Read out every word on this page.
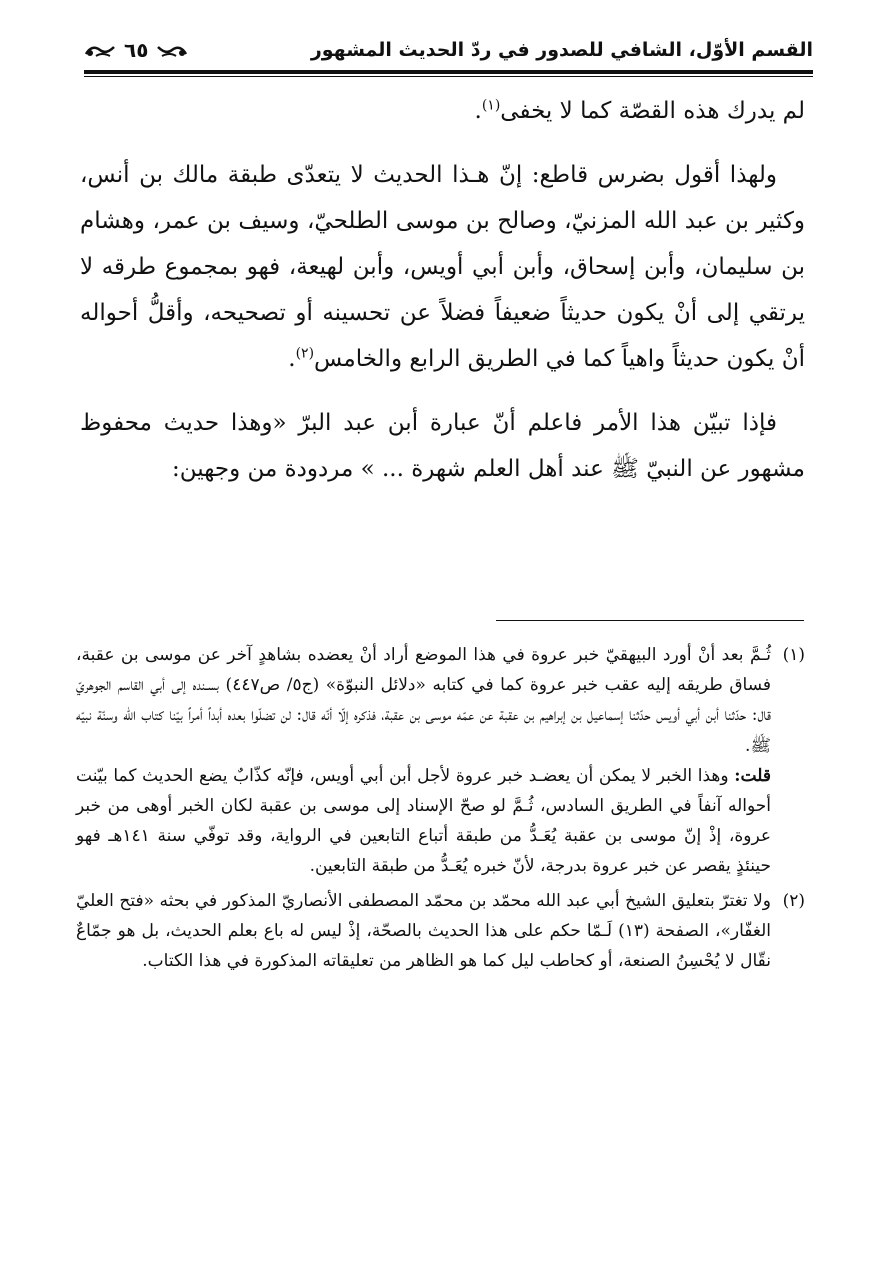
القسم الأوّل، الشافي للصدور في ردّ الحديث المشهور
٦٥

لم يدرك هذه القصّة كما لا يخفى$^{(١)}$.

ولهذا أقول بضرس قاطع: إنّ هـذا الحديث لا يتعدّى طبقة مالك بن أنس، وكثير بن عبد الله المزنيّ، وصالح بن موسى الطلحيّ، وسيف بن عمر، وهشام بن سليمان، وأبن إسحاق، وأبن أبي أويس، وأبن لهيعة، فهو بمجموع طرقه لا يرتقي إلى أنْ يكون حديثاً ضعيفاً فضلاً عن تحسينه أو تصحيحه، وأقلُّ أحواله أنْ يكون حديثاً واهياً كما في الطريق الرابع والخامس$^{(٢)}$.

فإذا تبيّن هذا الأمر فاعلم أنّ عبارة أبن عبد البرّ «وهذا حديث محفوظ مشهور عن النبيّ ﷺ عند أهل العلم شهرة ... » مردودة من وجهين:

(١)

ثُـمَّ بعد أنْ أورد البيهقيّ خبر عروة في هذا الموضع أراد أنْ يعضده بشاهدٍ آخر عن موسى بن عقبة، فساق طريقه إليه عقب خبر عروة كما في كتابه «دلائل النبوّة» (ج٥/ ص٤٤٧) بسـنده إلى أبي القاسم الجوهريّ قال: حدّثنا أبن أبي أويس حدّثنا إسماعيل بن إبراهيم بن عقبة عن عمّه موسى بن عقبة، فذكره إلّا أنّه قال: لن تضلّوا بعده أبداً أمراً بيّنا كتاب الله وسنّة نبيّه ﷺ.

قلت: وهذا الخبر لا يمكن أن يعضـد خبر عروة لأجل أبن أبي أويس، فإنّه كذّابٌ يضع الحديث كما بيّنت أحواله آنفاً في الطريق السادس، ثُـمَّ لو صحّ الإسناد إلى موسى بن عقبة لكان الخبر أوهى من خبر عروة، إذْ إنّ موسى بن عقبة يُعَـدُّ من طبقة أتباع التابعين في الرواية، وقد توفّي سنة ١٤١هـ فهو حينئذٍ يقصر عن خبر عروة بدرجة، لأنّ خبره يُعَـدُّ من طبقة التابعين.

(٢)

ولا تغترّ بتعليق الشيخ أبي عبد الله محمّد بن محمّد المصطفى الأنصاريّ المذكور في بحثه «فتح العليّ الغفّار»، الصفحة (١٣) لَـمّا حكم على هذا الحديث بالصحّة، إذْ ليس له باع بعلم الحديث، بل هو جمّاعٌ نقّال لا يُحْسِنُ الصنعة، أو كحاطب ليل كما هو الظاهر من تعليقاته المذكورة في هذا الكتاب.
